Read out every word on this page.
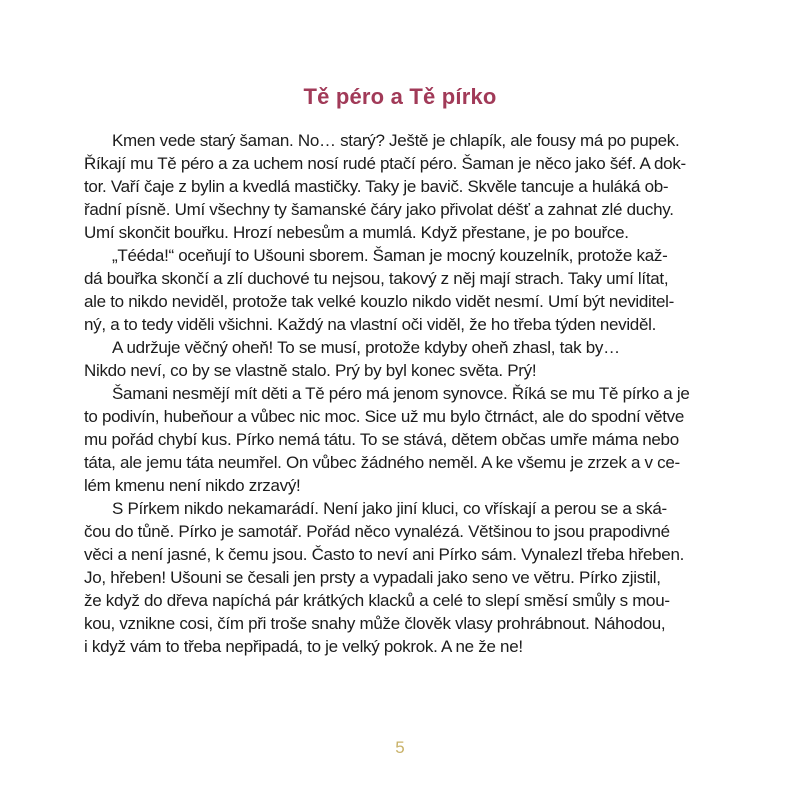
Tě péro a Tě pírko

Kmen vede starý šaman. No… starý? Ještě je chlapík, ale fousy má po pupek.
Říkají mu Tě péro a za uchem nosí rudé ptačí péro. Šaman je něco jako šéf. A dok-
tor. Vaří čaje z bylin a kvedlá mastičky. Taky je bavič. Skvěle tancuje a huláká ob-
řadní písně. Umí všechny ty šamanské čáry jako přivolat déšť a zahnat zlé duchy.
Umí skončit bouřku. Hrozí nebesům a mumlá. Když přestane, je po bouřce.

„Tééda!“ oceňují to Ušouni sborem. Šaman je mocný kouzelník, protože kaž-
dá bouřka skončí a zlí duchové tu nejsou, takový z něj mají strach. Taky umí lítat,
ale to nikdo neviděl, protože tak velké kouzlo nikdo vidět nesmí. Umí být neviditel-
ný, a to tedy viděli všichni. Každý na vlastní oči viděl, že ho třeba týden neviděl.

A udržuje věčný oheň! To se musí, protože kdyby oheň zhasl, tak by…
Nikdo neví, co by se vlastně stalo. Prý by byl konec světa. Prý!

Šamani nesmějí mít děti a Tě péro má jenom synovce. Říká se mu Tě pírko a je
to podivín, hubeňour a vůbec nic moc. Sice už mu bylo čtrnáct, ale do spodní větve
mu pořád chybí kus. Pírko nemá tátu. To se stává, dětem občas umře máma nebo
táta, ale jemu táta neumřel. On vůbec žádného neměl. A ke všemu je zrzek a v ce-
lém kmenu není nikdo zrzavý!

S Pírkem nikdo nekamarádí. Není jako jiní kluci, co vřískají a perou se a ská-
čou do tůně. Pírko je samotář. Pořád něco vynalézá. Většinou to jsou prapodivné
věci a není jasné, k čemu jsou. Často to neví ani Pírko sám. Vynalezl třeba hřeben.
Jo, hřeben! Ušouni se česali jen prsty a vypadali jako seno ve větru. Pírko zjistil,
že když do dřeva napíchá pár krátkých klacků a celé to slepí směsí smůly s mou-
kou, vznikne cosi, čím při troše snahy může člověk vlasy prohrábnout. Náhodou,
i když vám to třeba nepřipadá, to je velký pokrok. A ne že ne!

5
